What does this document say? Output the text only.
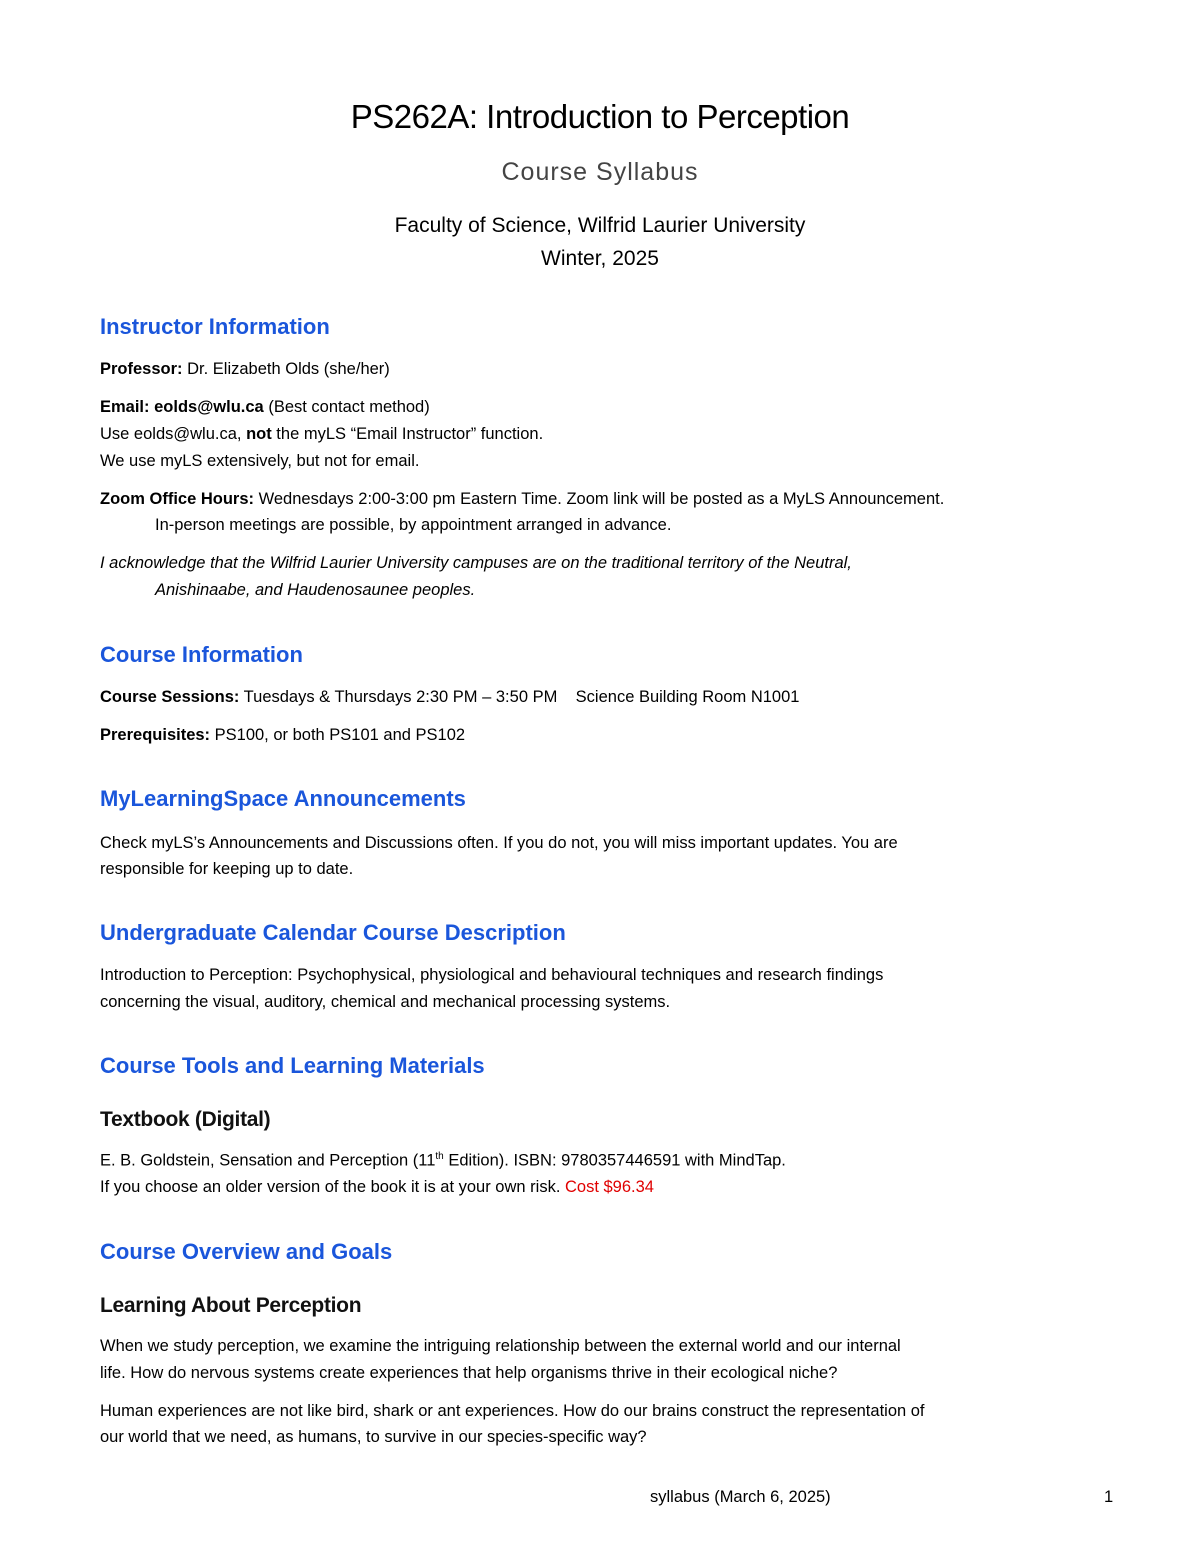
PS262A: Introduction to Perception
Course Syllabus
Faculty of Science, Wilfrid Laurier University
Winter, 2025
Instructor Information
Professor: Dr. Elizabeth Olds (she/her)
Email: eolds@wlu.ca (Best contact method)
Use eolds@wlu.ca, not the myLS “Email Instructor” function.
We use myLS extensively, but not for email.
Zoom Office Hours: Wednesdays 2:00-3:00 pm Eastern Time. Zoom link will be posted as a MyLS Announcement.
In-person meetings are possible, by appointment arranged in advance.
I acknowledge that the Wilfrid Laurier University campuses are on the traditional territory of the Neutral,
Anishinaabe, and Haudenosaunee peoples.
Course Information
Course Sessions: Tuesdays & Thursdays 2:30 PM – 3:50 PM    Science Building Room N1001
Prerequisites: PS100, or both PS101 and PS102
MyLearningSpace Announcements
Check myLS’s Announcements and Discussions often. If you do not, you will miss important updates. You are
responsible for keeping up to date.
Undergraduate Calendar Course Description
Introduction to Perception: Psychophysical, physiological and behavioural techniques and research findings
concerning the visual, auditory, chemical and mechanical processing systems.
Course Tools and Learning Materials
Textbook (Digital)
E. B. Goldstein, Sensation and Perception (11th Edition). ISBN: 9780357446591 with MindTap.
If you choose an older version of the book it is at your own risk. Cost $96.34
Course Overview and Goals
Learning About Perception
When we study perception, we examine the intriguing relationship between the external world and our internal
life. How do nervous systems create experiences that help organisms thrive in their ecological niche?
Human experiences are not like bird, shark or ant experiences. How do our brains construct the representation of
our world that we need, as humans, to survive in our species-specific way?
syllabus (March 6, 2025)	1
